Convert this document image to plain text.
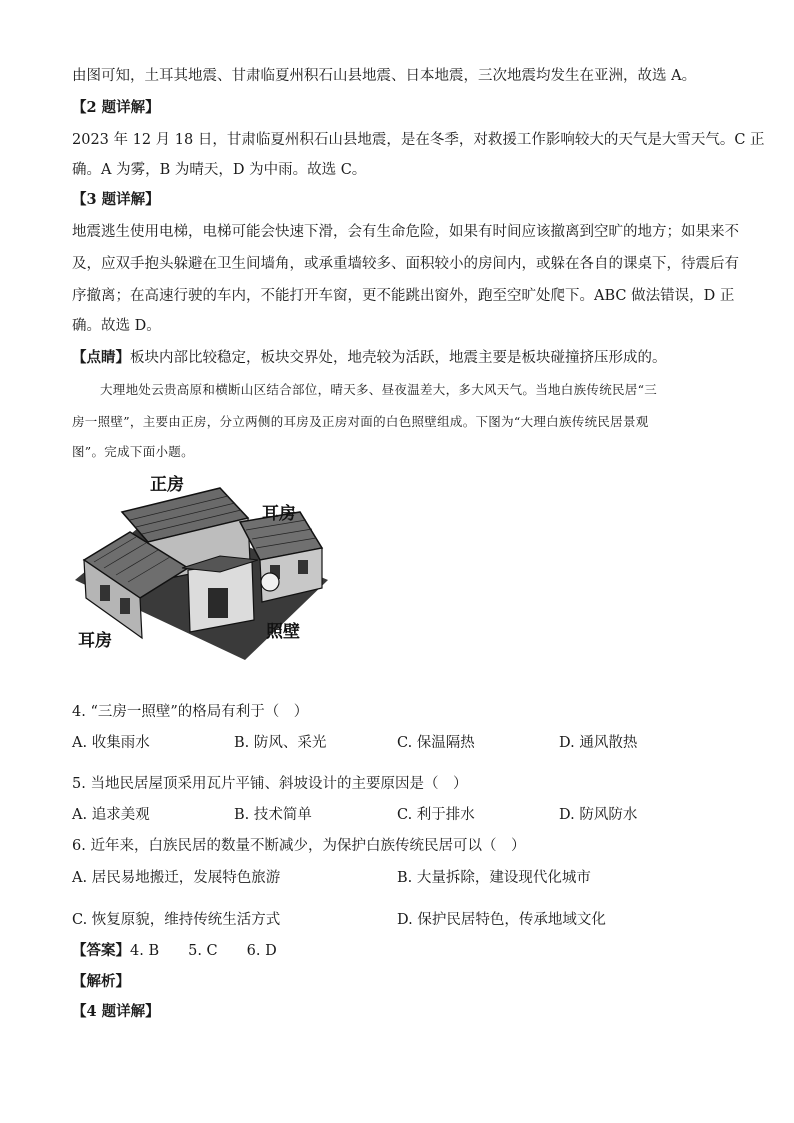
由图可知，土耳其地震、甘肃临夏州积石山县地震、日本地震，三次地震均发生在亚洲，故选 A。
【2 题详解】
2023 年 12 月 18 日，甘肃临夏州积石山县地震，是在冬季，对救援工作影响较大的天气是大雪天气。C 正
确。A 为雾，B 为晴天，D 为中雨。故选 C。
【3 题详解】
地震逃生使用电梯，电梯可能会快速下滑，会有生命危险，如果有时间应该撤离到空旷的地方；如果来不
及，应双手抱头躲避在卫生间墙角，或承重墙较多、面积较小的房间内，或躲在各自的课桌下，待震后有
序撤离；在高速行驶的车内，不能打开车窗，更不能跳出窗外，跑至空旷处爬下。ABC 做法错误，D 正
确。故选 D。
【点睛】板块内部比较稳定，板块交界处，地壳较为活跃，地震主要是板块碰撞挤压形成的。
大理地处云贵高原和横断山区结合部位，晴天多、昼夜温差大，多大风天气。当地白族传统民居“三
房一照壁”，主要由正房，分立两侧的耳房及正房对面的白色照壁组成。下图为“大理白族传统民居景观
图”。完成下面小题。
正房
耳房
耳房	照壁
4. “三房一照壁”的格局有利于（　）
A. 收集雨水	B. 防风、采光	C. 保温隔热	D. 通风散热
5. 当地民居屋顶采用瓦片平铺、斜坡设计的主要原因是（　）
A. 追求美观	B. 技术简单	C. 利于排水	D. 防风防水
6. 近年来，白族民居的数量不断减少，为保护白族传统民居可以（　）
A. 居民易地搬迁，发展特色旅游	B. 大量拆除，建设现代化城市
C. 恢复原貌，维持传统生活方式	D. 保护民居特色，传承地域文化
【答案】4. B　　5. C　　6. D
【解析】
【4 题详解】
